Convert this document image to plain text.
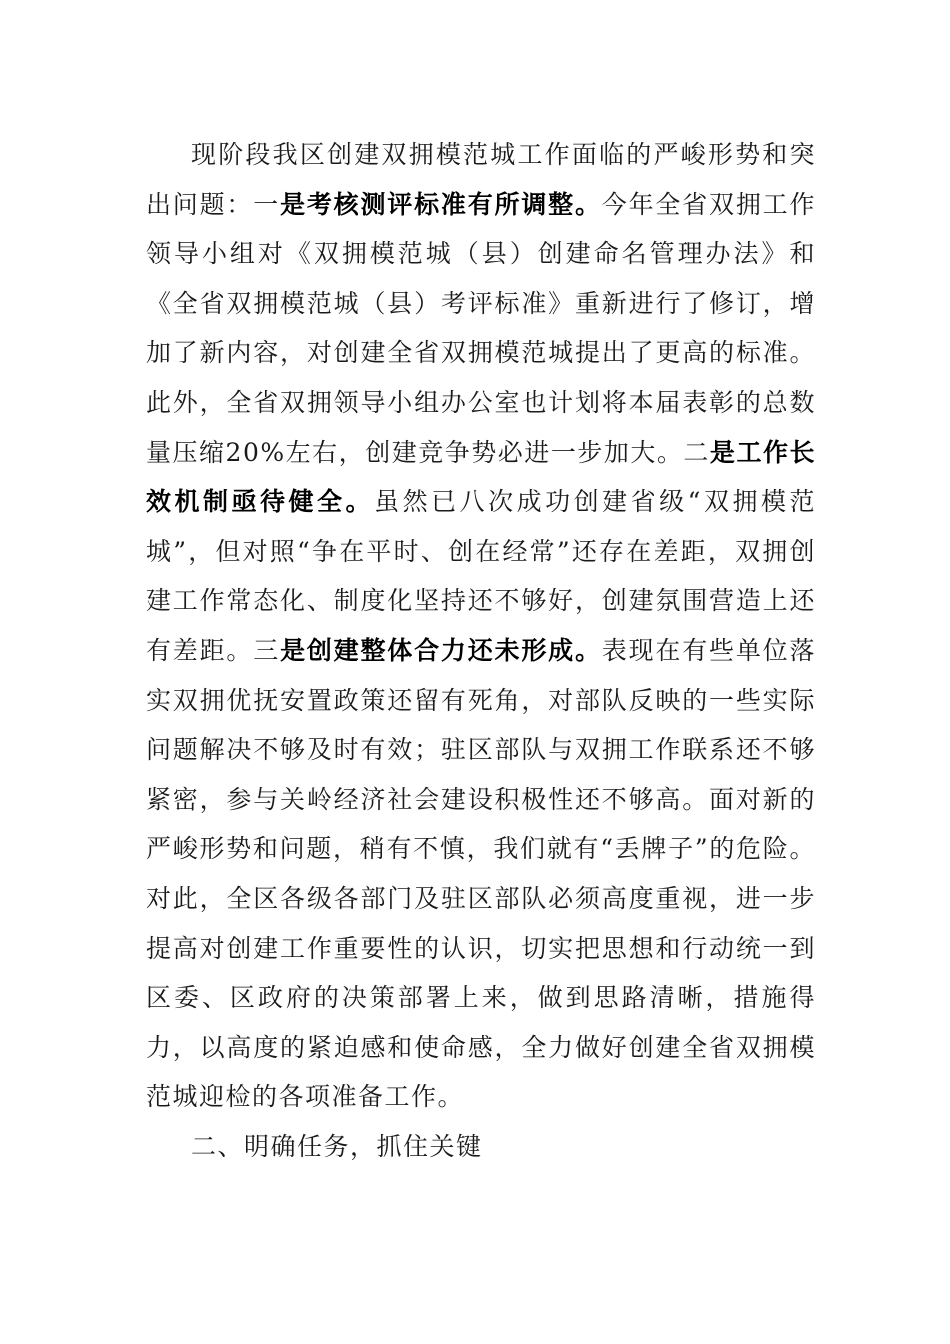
现阶段我区创建双拥模范城工作面临的严峻形势和突出问题：一是考核测评标准有所调整。今年全省双拥工作领导小组对《双拥模范城（县）创建命名管理办法》和《全省双拥模范城（县）考评标准》重新进行了修订，增加了新内容，对创建全省双拥模范城提出了更高的标准。此外，全省双拥领导小组办公室也计划将本届表彰的总数量压缩20%左右，创建竞争势必进一步加大。二是工作长效机制亟待健全。虽然已八次成功创建省级“双拥模范城”，但对照“争在平时、创在经常”还存在差距，双拥创建工作常态化、制度化坚持还不够好，创建氛围营造上还有差距。三是创建整体合力还未形成。表现在有些单位落实双拥优抚安置政策还留有死角，对部队反映的一些实际问题解决不够及时有效；驻区部队与双拥工作联系还不够紧密，参与关岭经济社会建设积极性还不够高。面对新的严峻形势和问题，稍有不慎，我们就有“丢牌子”的危险。对此，全区各级各部门及驻区部队必须高度重视，进一步提高对创建工作重要性的认识，切实把思想和行动统一到区委、区政府的决策部署上来，做到思路清晰，措施得力，以高度的紧迫感和使命感，全力做好创建全省双拥模范城迎检的各项准备工作。

二、明确任务，抓住关键
